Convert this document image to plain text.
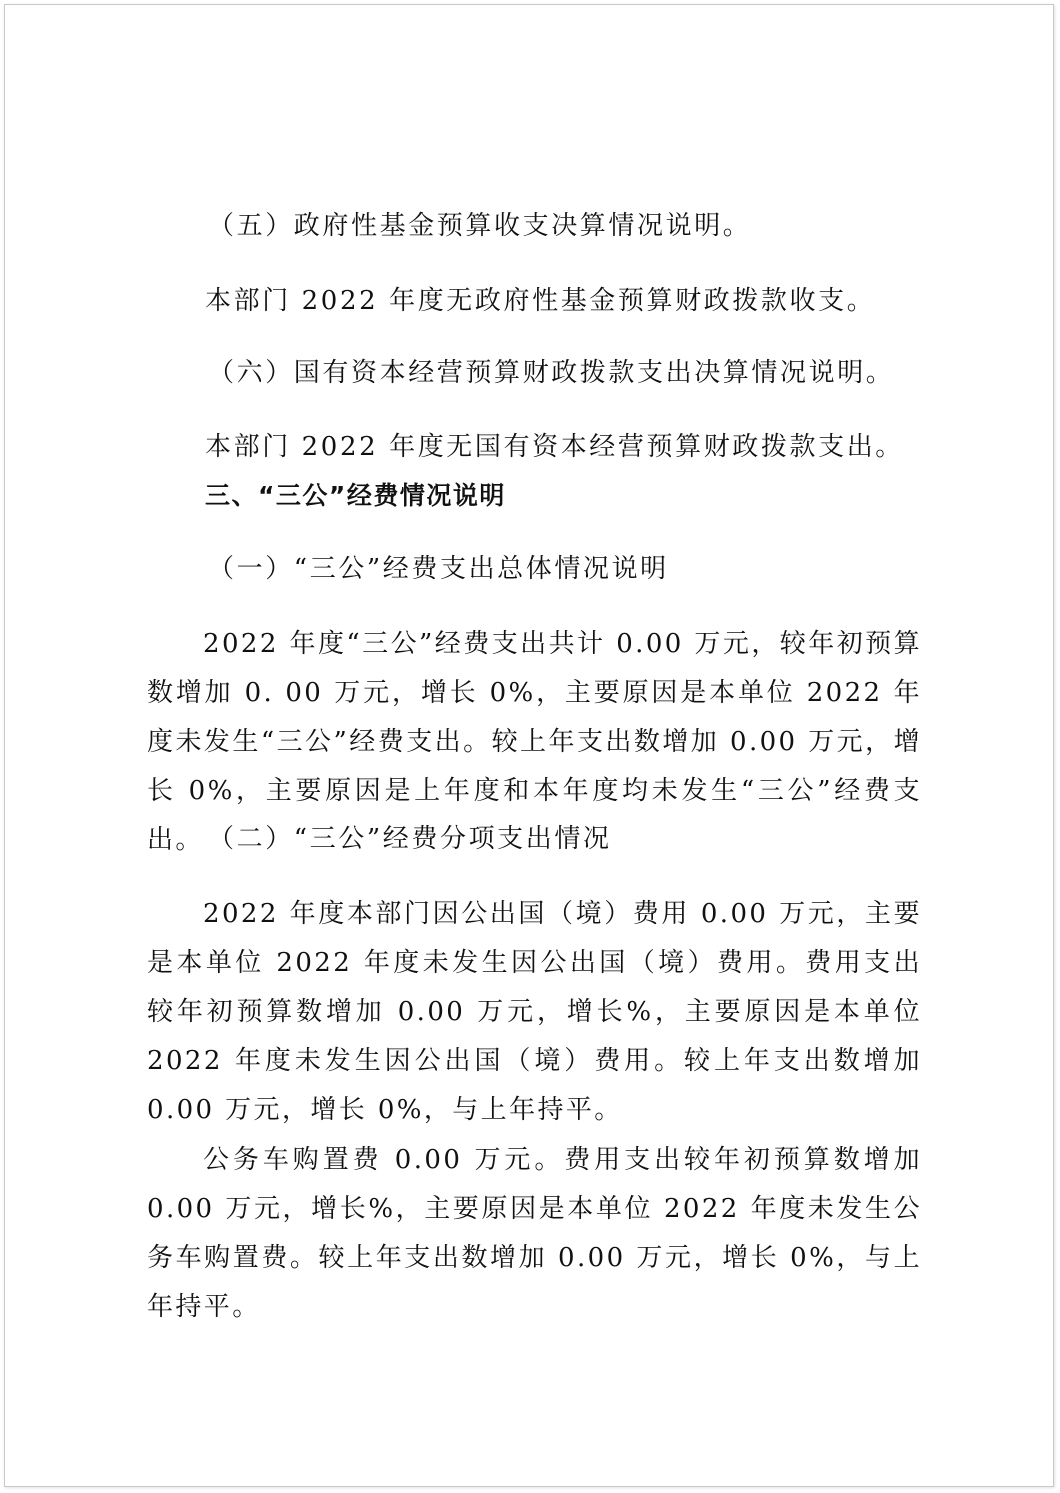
（五）政府性基金预算收支决算情况说明。
本部门 2022 年度无政府性基金预算财政拨款收支。
（六）国有资本经营预算财政拨款支出决算情况说明。
本部门 2022 年度无国有资本经营预算财政拨款支出。
三、“三公”经费情况说明
（一）“三公”经费支出总体情况说明

2022 年度“三公”经费支出共计 0.00 万元，较年初预算数增加 0. 00 万元，增长 0%，主要原因是本单位 2022 年度未发生“三公”经费支出。较上年支出数增加 0.00 万元，增长 0%，主要原因是上年度和本年度均未发生“三公”经费支出。 （二）“三公”经费分项支出情况

2022 年度本部门因公出国（境）费用 0.00 万元，主要是本单位 2022 年度未发生因公出国（境）费用。费用支出较年初预算数增加 0.00 万元，增长%，主要原因是本单位 2022 年度未发生因公出国（境）费用。较上年支出数增加 0.00 万元，增长 0%，与上年持平。

公务车购置费 0.00 万元。费用支出较年初预算数增加 0.00 万元，增长%，主要原因是本单位 2022 年度未发生公务车购置费。较上年支出数增加 0.00 万元，增长 0%，与上年持平。
